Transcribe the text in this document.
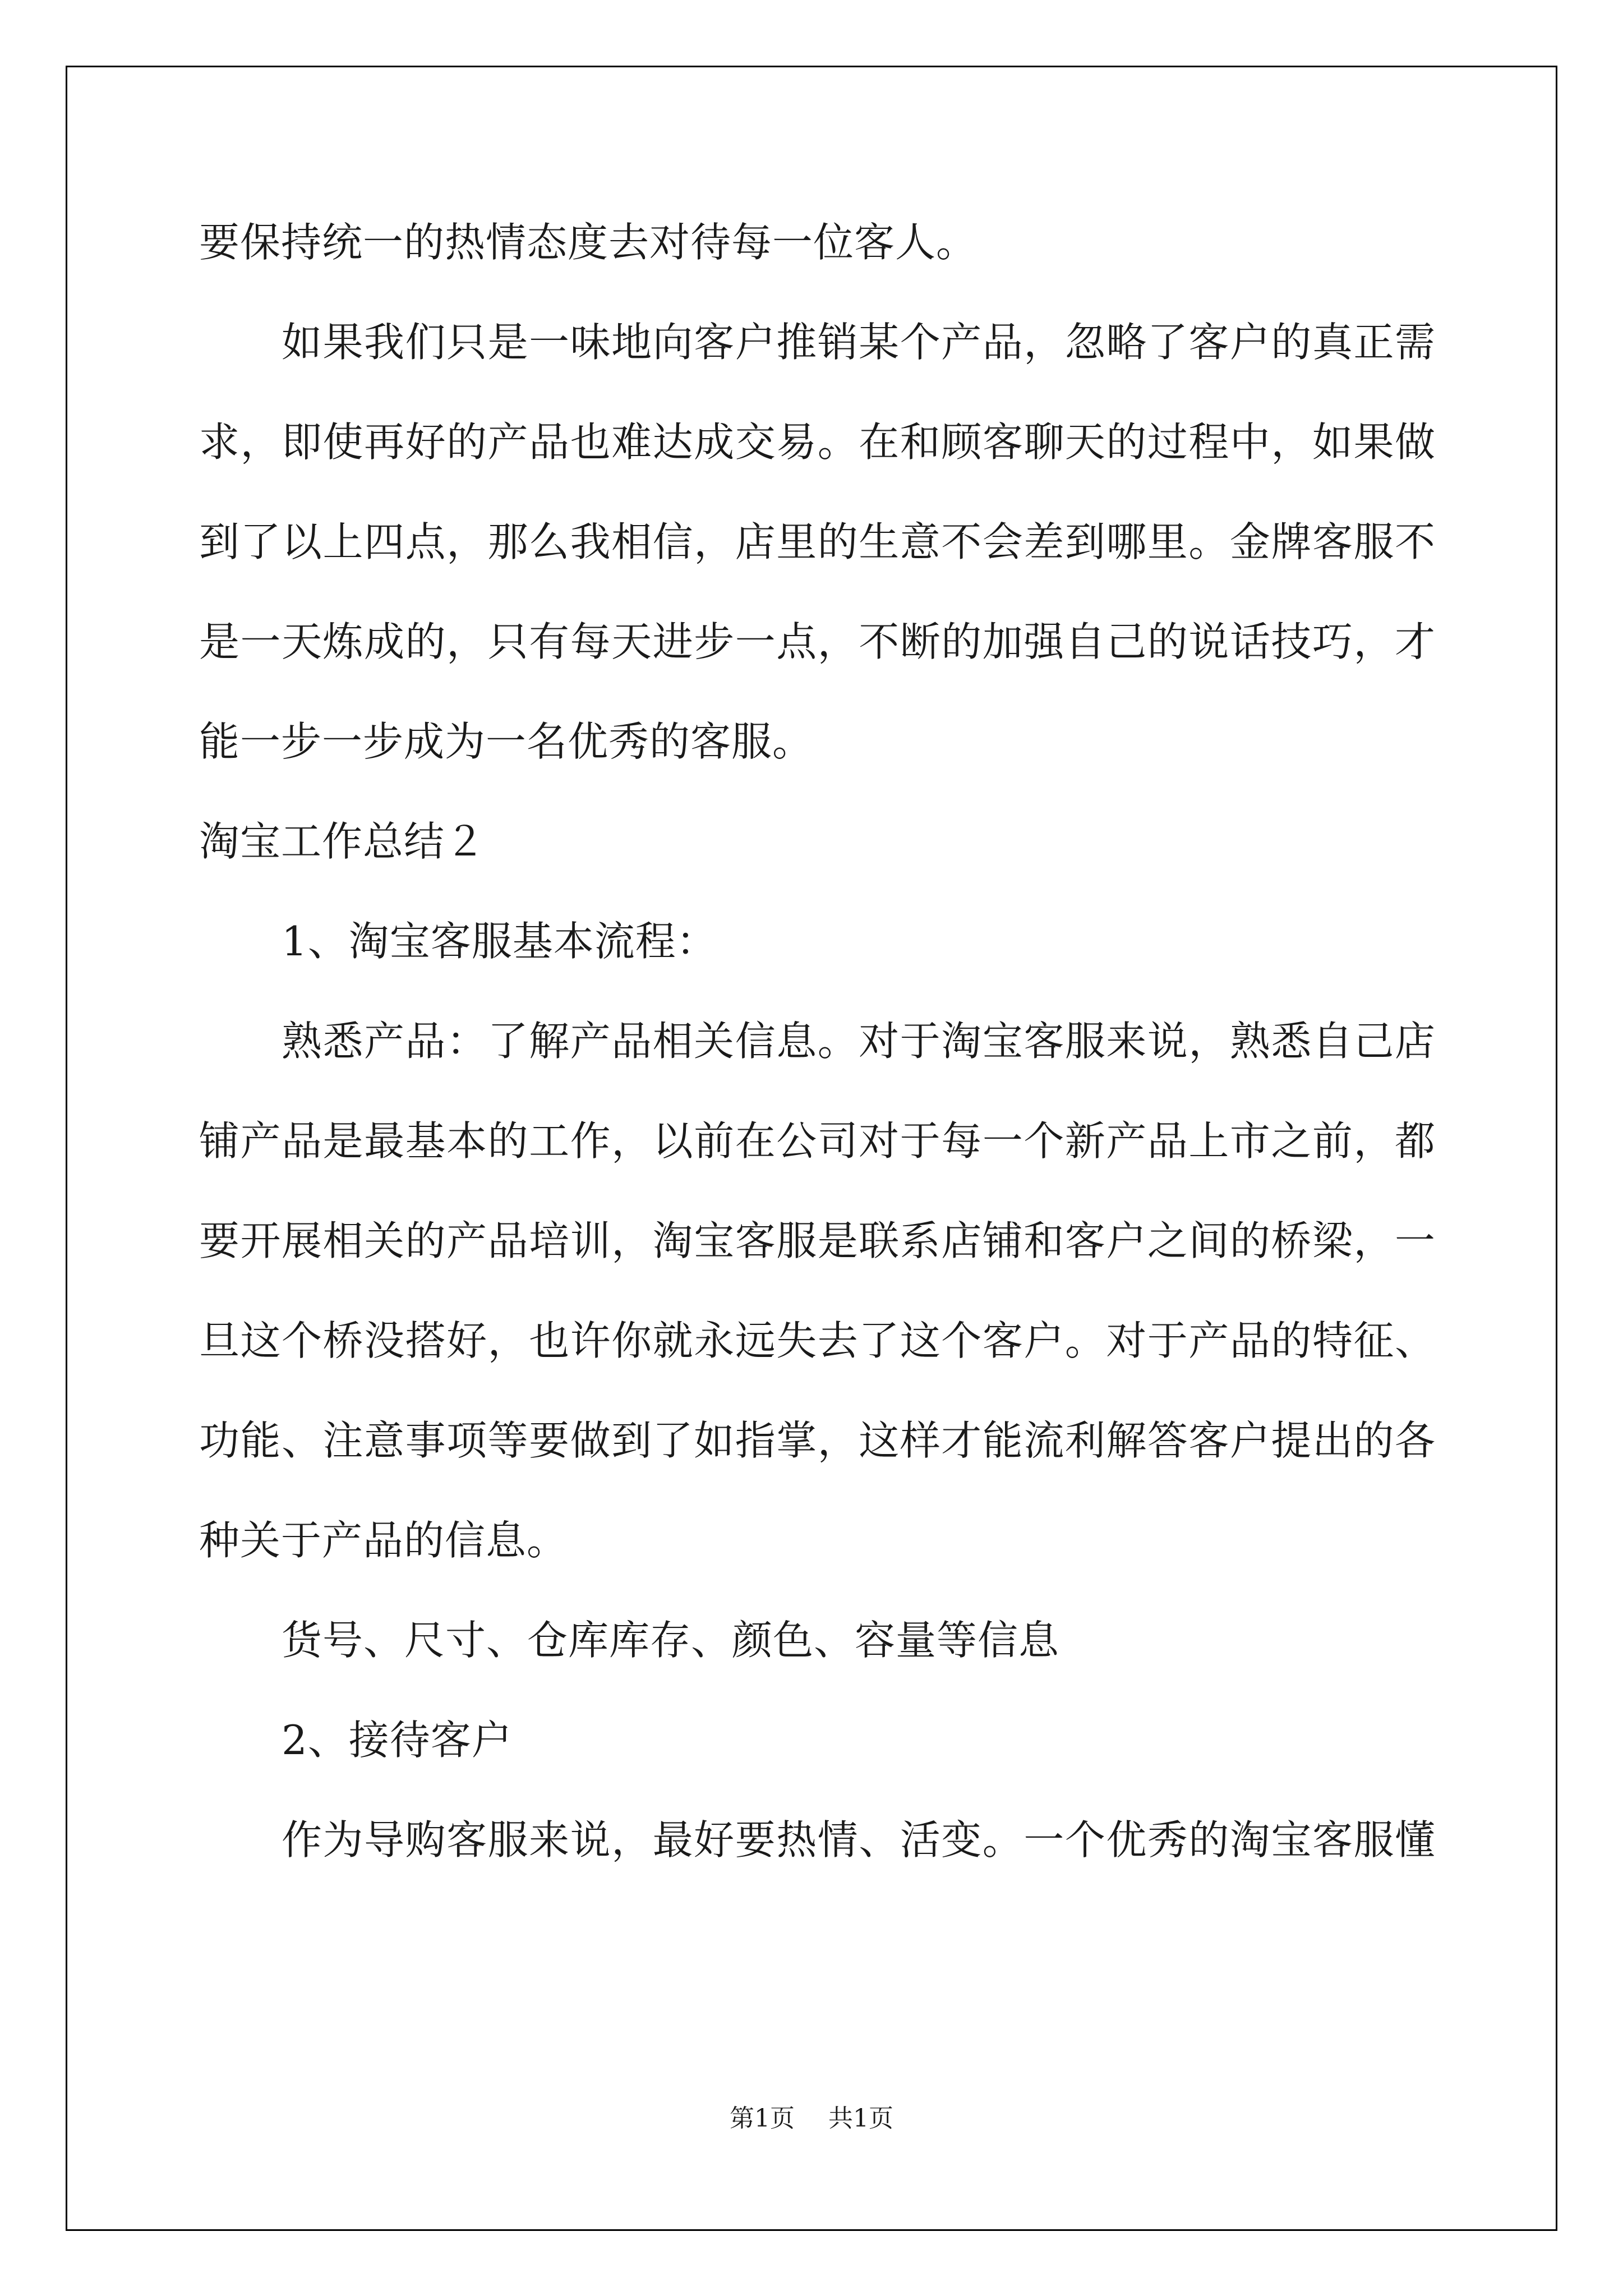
要保持统一的热情态度去对待每一位客人。
如果我们只是一味地向客户推销某个产品，忽略了客户的真正需
求，即使再好的产品也难达成交易。在和顾客聊天的过程中，如果做
到了以上四点，那么我相信，店里的生意不会差到哪里。金牌客服不
是一天炼成的，只有每天进步一点，不断的加强自己的说话技巧，才
能一步一步成为一名优秀的客服。
淘宝工作总结２
1、淘宝客服基本流程：
熟悉产品：了解产品相关信息。对于淘宝客服来说，熟悉自己店
铺产品是最基本的工作，以前在公司对于每一个新产品上市之前，都
要开展相关的产品培训，淘宝客服是联系店铺和客户之间的桥梁，一
旦这个桥没搭好，也许你就永远失去了这个客户。对于产品的特征、
功能、注意事项等要做到了如指掌，这样才能流利解答客户提出的各
种关于产品的信息。
货号、尺寸、仓库库存、颜色、容量等信息
2、接待客户
作为导购客服来说，最好要热情、活变。一个优秀的淘宝客服懂
第1页 共1页
